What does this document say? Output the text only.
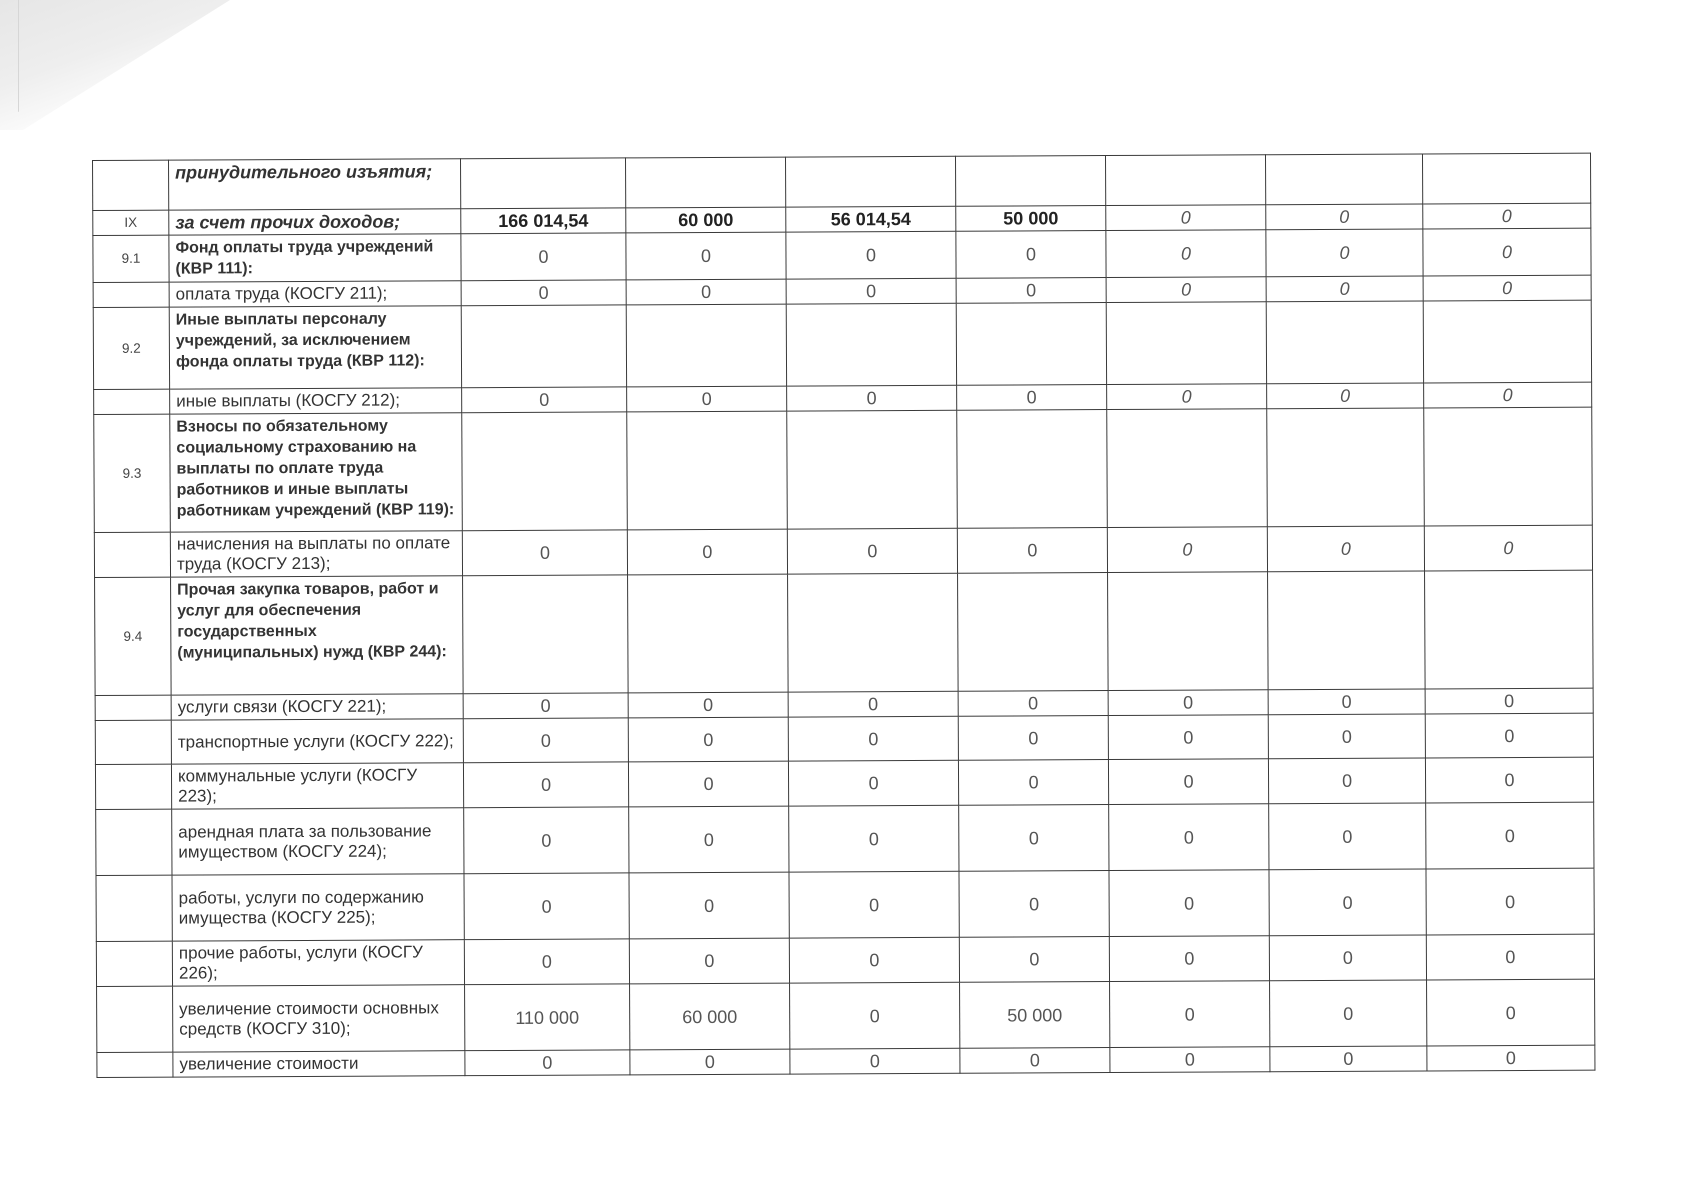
	принудительного изъятия;							
IX	за счет прочих доходов;	166 014,54	60 000	56 014,54	50 000	0	0	0
9.1	Фонд оплаты труда учреждений (КВР 111):	0	0	0	0	0	0	0
	оплата труда (КОСГУ 211);	0	0	0	0	0	0	0
9.2	Иные выплаты персоналу учреждений, за исключением фонда оплаты труда (КВР 112):							
	иные выплаты (КОСГУ 212);	0	0	0	0	0	0	0
9.3	Взносы по обязательному социальному страхованию на выплаты по оплате труда работников и иные выплаты работникам учреждений (КВР 119):							
	начисления на выплаты по оплате труда (КОСГУ 213);	0	0	0	0	0	0	0
9.4	Прочая закупка товаров, работ и услуг для обеспечения государственных (муниципальных) нужд (КВР 244):							
	услуги связи (КОСГУ 221);	0	0	0	0	0	0	0
	транспортные услуги (КОСГУ 222);	0	0	0	0	0	0	0
	коммунальные услуги (КОСГУ 223);	0	0	0	0	0	0	0
	арендная плата за пользование имуществом (КОСГУ 224);	0	0	0	0	0	0	0
	работы, услуги по содержанию имущества (КОСГУ 225);	0	0	0	0	0	0	0
	прочие работы, услуги (КОСГУ 226);	0	0	0	0	0	0	0
	увеличение стоимости основных средств (КОСГУ 310);	110 000	60 000	0	50 000	0	0	0
	увеличение стоимости	0	0	0	0	0	0	0
